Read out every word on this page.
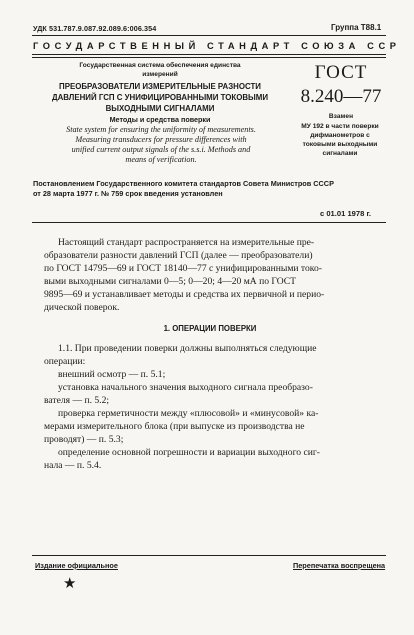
УДК 531.787.9.087.92.089.6:006.354	Группа Т88.1
ГОСУДАРСТВЕННЫЙ СТАНДАРТ СОЮЗА ССР
Государственная система обеспечения единства
измерений
ПРЕОБРАЗОВАТЕЛИ ИЗМЕРИТЕЛЬНЫЕ РАЗНОСТИ
ДАВЛЕНИЙ ГСП С УНИФИЦИРОВАННЫМИ ТОКОВЫМИ
ВЫХОДНЫМИ СИГНАЛАМИ
Методы и средства поверки
State system for ensuring the uniformity of measurements.
Measuring transducers for pressure differences with
unified current output signals of the s.s.i. Methods and
means of verification.
ГОСТ
8.240—77
Взамен
МУ 192 в части поверки
дифманометров с
токовыми выходными
сигналами
Постановлением Государственного комитета стандартов Совета Министров СССР
от 28 марта 1977 г. № 759 срок введения установлен
с 01.01 1978 г.
Настоящий стандарт распространяется на измерительные пре-
образователи разности давлений ГСП (далее — преобразователи)
по ГОСТ 14795—69 и ГОСТ 18140—77 с унифицированными токо-
выми выходными сигналами 0—5; 0—20; 4—20 мА по ГОСТ
9895—69 и устанавливает методы и средства их первичной и перио-
дической поверок.
1. ОПЕРАЦИИ ПОВЕРКИ
1.1. При проведении поверки должны выполняться следующие
операции:
внешний осмотр — п. 5.1;
установка начального значения выходного сигнала преобразо-
вателя — п. 5.2;
проверка герметичности между «плюсовой» и «минусовой» ка-
мерами измерительного блока (при выпуске из производства не
проводят) — п. 5.3;
определение основной погрешности и вариации выходного сиг-
нала — п. 5.4.
Издание официальное	Перепечатка воспрещена
★
